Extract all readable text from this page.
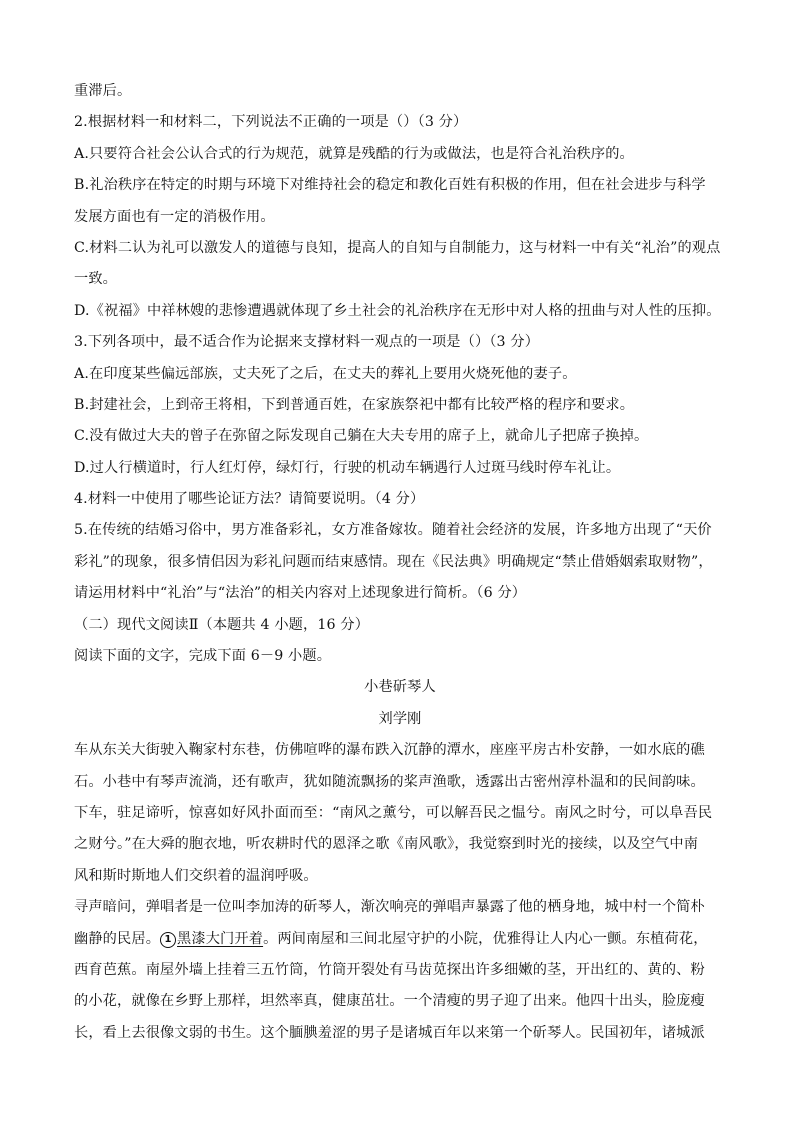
重滞后。
2.根据材料一和材料二，下列说法不正确的一项是（）（3 分）
A.只要符合社会公认合式的行为规范，就算是残酷的行为或做法，也是符合礼治秩序的。
B.礼治秩序在特定的时期与环境下对维持社会的稳定和教化百姓有积极的作用，但在社会进步与科学
发展方面也有一定的消极作用。
C.材料二认为礼可以激发人的道德与良知，提高人的自知与自制能力，这与材料一中有关“礼治”的观点
一致。
D.《祝福》中祥林嫂的悲惨遭遇就体现了乡土社会的礼治秩序在无形中对人格的扭曲与对人性的压抑。
3.下列各项中，最不适合作为论据来支撑材料一观点的一项是（）（3 分）
A.在印度某些偏远部族，丈夫死了之后，在丈夫的葬礼上要用火烧死他的妻子。
B.封建社会，上到帝王将相，下到普通百姓，在家族祭祀中都有比较严格的程序和要求。
C.没有做过大夫的曾子在弥留之际发现自己躺在大夫专用的席子上，就命儿子把席子换掉。
D.过人行横道时，行人红灯停，绿灯行，行驶的机动车辆遇行人过斑马线时停车礼让。
4.材料一中使用了哪些论证方法？请简要说明。（4 分）
5.在传统的结婚习俗中，男方准备彩礼，女方准备嫁妆。随着社会经济的发展，许多地方出现了“天价
彩礼”的现象，很多情侣因为彩礼问题而结束感情。现在《民法典》明确规定“禁止借婚姻索取财物”，
请运用材料中“礼治”与“法治”的相关内容对上述现象进行简析。（6 分）
（二）现代文阅读Ⅱ（本题共 4 小题，16 分）
阅读下面的文字，完成下面 6－9 小题。
小巷斫琴人
刘学刚
车从东关大街驶入鞠家村东巷，仿佛喧哗的瀑布跌入沉静的潭水，座座平房古朴安静，一如水底的礁
石。小巷中有琴声流淌，还有歌声，犹如随流飘扬的桨声渔歌，透露出古密州淳朴温和的民间韵味。
下车，驻足谛听，惊喜如好风扑面而至：“南风之薰兮，可以解吾民之愠兮。南风之时兮，可以阜吾民
之财兮。”在大舜的胞衣地，听农耕时代的恩泽之歌《南风歌》，我觉察到时光的接续，以及空气中南
风和斯时斯地人们交织着的温润呼吸。
寻声暗问，弹唱者是一位叫李加涛的斫琴人，渐次响亮的弹唱声暴露了他的栖身地，城中村一个简朴
幽静的民居。 1 黑漆大门开着。两间南屋和三间北屋守护的小院，优雅得让人内心一颤。东植荷花，
西育芭蕉。南屋外墙上挂着三五竹筒，竹筒开裂处有马齿苋探出许多细嫩的茎，开出红的、黄的、粉
的小花，就像在乡野上那样，坦然率真，健康茁壮。一个清瘦的男子迎了出来。他四十出头，脸庞瘦
长，看上去很像文弱的书生。这个腼腆羞涩的男子是诸城百年以来第一个斫琴人。民国初年，诸城派
